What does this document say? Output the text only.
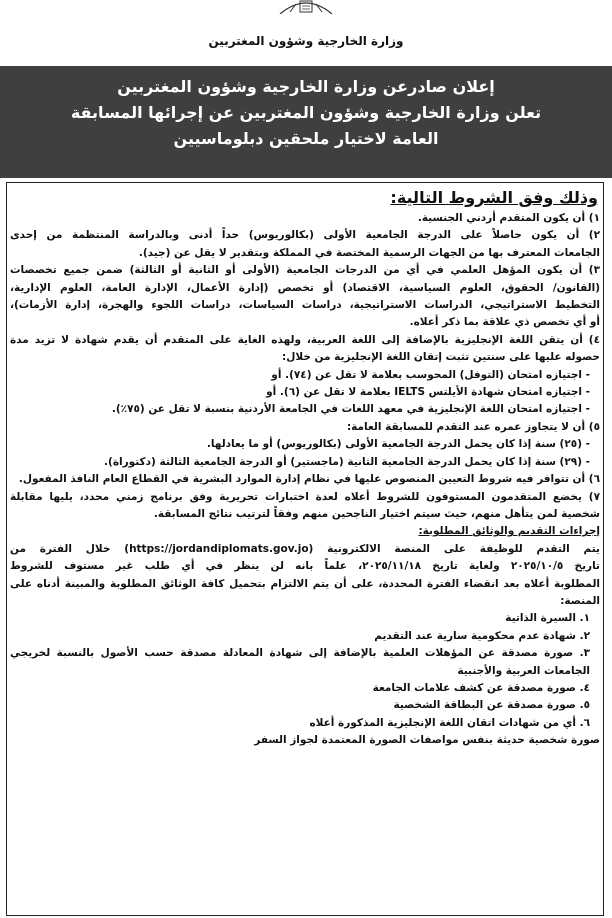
وزارة الخارجية وشؤون المغتربين
إعلان صادرعن وزارة الخارجية وشؤون المغتربين
تعلن وزارة الخارجية وشؤون المغتربين عن إجرائها المسابقة
العامة لاختيار ملحقين دبلوماسيين
وذلك وفق الشروط التالية:
١) أن يكون المتقدم أردني الجنسية.
٢) أن يكون حاصلاً على الدرجة الجامعية الأولى (بكالوريوس) حداً أدنى وبالدراسة المنتظمة من إحدى
الجامعات المعترف بها من الجهات الرسمية المختصة في المملكة وبتقدير لا يقل عن (جيد).
٣) أن يكون المؤهل العلمي في أي من الدرجات الجامعية (الأولى أو الثانية أو الثالثة) ضمن جميع تخصصات
(القانون/ الحقوق، العلوم السياسية، الاقتصاد) أو تخصص (إدارة الأعمال، الإدارة العامة، العلوم الإدارية،
التخطيط الاستراتيجي، الدراسات الاستراتيجية، دراسات السياسات، دراسات اللجوء والهجرة، إدارة الأزمات)،
أو أي تخصص ذي علاقة بما ذكر أعلاه.
٤) أن يتقن اللغة الإنجليزية بالإضافة إلى اللغة العربية، ولهذه الغاية على المتقدم أن يقدم شهادة لا تزيد مدة
حصوله عليها على سنتين تثبت إتقان اللغة الإنجليزية من خلال:
- اجتيازه امتحان (التوفل) المحوسب بعلامة لا تقل عن (٧٤). أو
- اجتيازه امتحان شهادة الأيلتس IELTS بعلامة لا تقل عن (٦). أو
- اجتيازه امتحان اللغة الإنجليزية في معهد اللغات في الجامعة الأردنية بنسبة لا تقل عن (٧٥٪).
٥) أن لا يتجاوز عمره عند التقدم للمسابقة العامة:
- (٢٥) سنة إذا كان يحمل الدرجة الجامعية الأولى (بكالوريوس) أو ما يعادلها.
- (٢٩) سنة إذا كان يحمل الدرجة الجامعية الثانية (ماجستير) أو الدرجة الجامعية الثالثة (دكتوراة).
٦) أن تتوافر فيه شروط التعيين المنصوص عليها في نظام إدارة الموارد البشرية في القطاع العام النافذ المفعول.
٧) يخضع المتقدمون المستوفون للشروط أعلاه لعدة اختبارات تحريرية وفق برنامج زمني محدد، يليها مقابلة
شخصية لمن يتأهل منهم، حيث سيتم اختيار الناجحين منهم وفقاً لترتيب نتائج المسابقة.
إجراءات التقديم والوثائق المطلوبة:
يتم التقدم للوظيفة على المنصة الالكترونية (https://jordandiplomats.gov.jo) خلال الفترة من
تاريخ ٢٠٢٥/١٠/٥ ولغاية تاريخ ٢٠٢٥/١١/١٨، علماً بانه لن ينظر في أي طلب غير مستوف للشروط
المطلوبة أعلاه بعد انقضاء الفترة المحددة، على أن يتم الالتزام بتحميل كافة الوثائق المطلوبة والمبينة أدناه على
المنصة:
١. السيرة الذاتية
٢. شهادة عدم محكومية سارية عند التقديم
٣. صورة مصدقة عن المؤهلات العلمية بالإضافة إلى شهادة المعادلة مصدقة حسب الأصول بالنسبة لخريجي
الجامعات العربية والأجنبية
٤. صورة مصدقة عن كشف علامات الجامعة
٥. صورة مصدقة عن البطاقة الشخصية
٦. أي من شهادات اتقان اللغة الإنجليزية المذكورة أعلاه
صورة شخصية حديثة بنفس مواصفات الصورة المعتمدة لجواز السفر
